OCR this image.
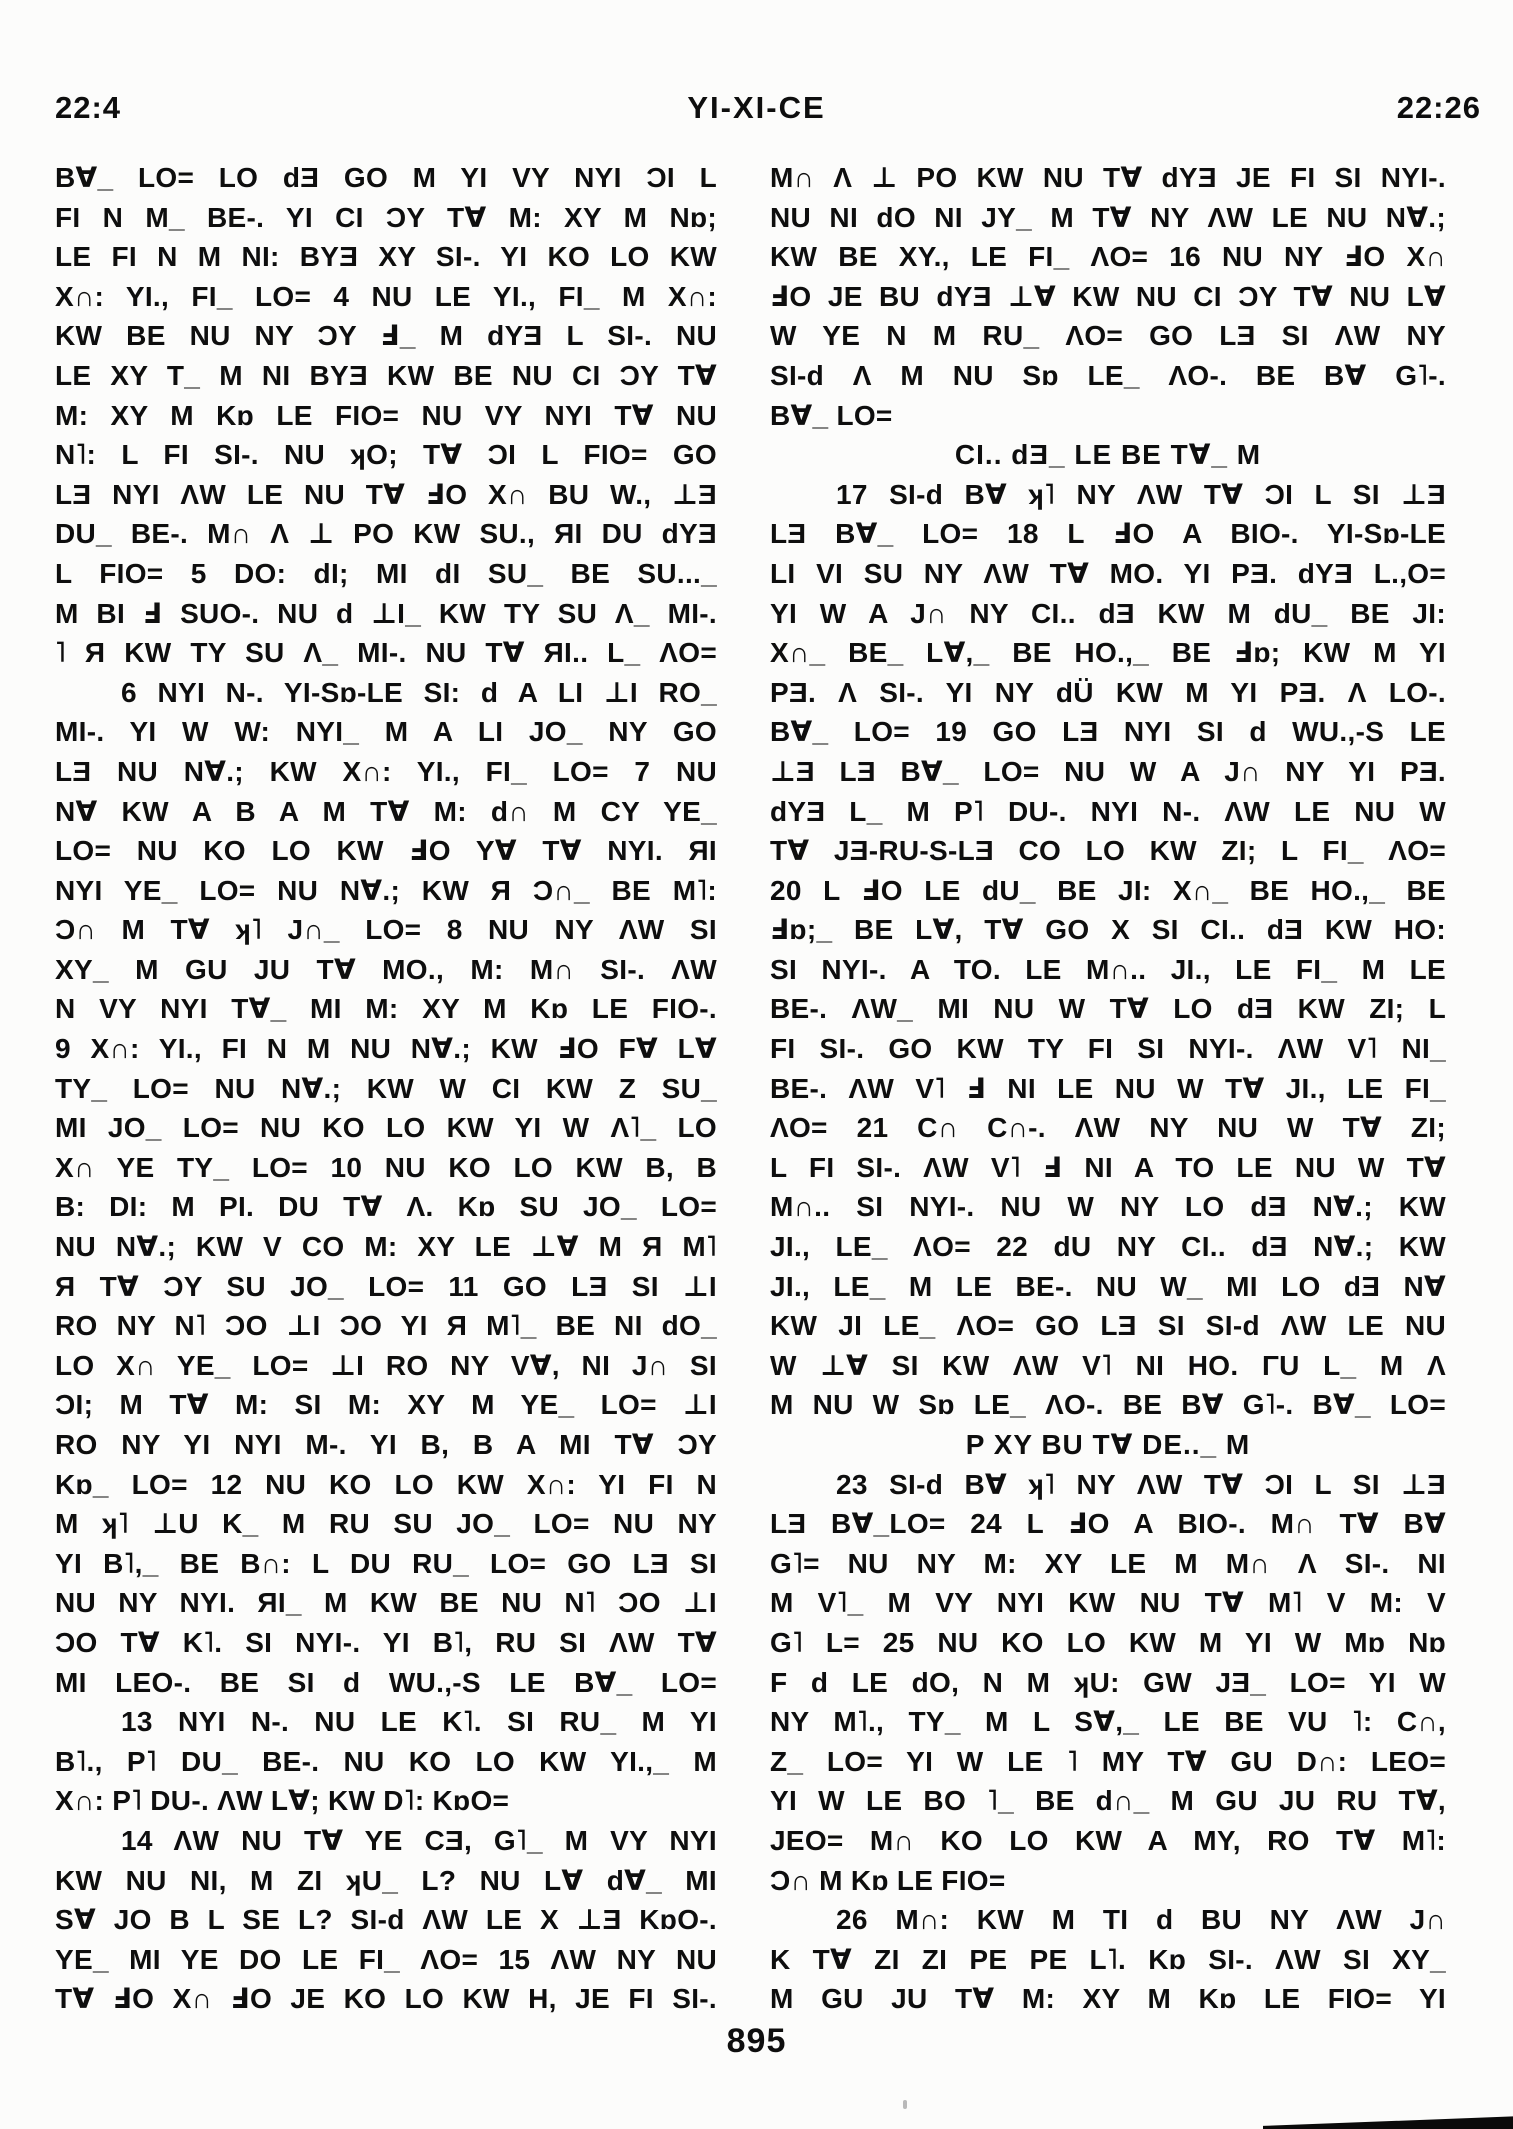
22:4	YI-XI-CE	22:26
B∀_ LO= LO dƎ GO M YI VY NYI ƆI L
FI N M_ BE-. YI CI ƆY T∀ M: XY M Nɒ;
LE FI N M NI: BYƎ XY SI-. YI KO LO KW
X∩: YI., FI_ LO= 4 NU LE YI., FI_ M X∩:
KW BE NU NY ƆY Ⅎ_ M dYƎ L SI-. NU
LE XY T_ M NI BYƎ KW BE NU CI ƆY T∀
M: XY M Kɒ LE FIO= NU VY NYI T∀ NU
N˥: L FI SI-. NU ʞO; T∀ ƆI L FIO= GO
LƎ NYI ΛW LE NU T∀ ℲO X∩ BU W., ⊥Ǝ
DU_ BE-. M∩ Λ ⊥ PO KW SU., ЯI DU dYƎ
L FIO= 5 DO: dI; MI dI SU_ BE SU..._
M BI Ⅎ SUO-. NU d ⊥I_ KW TY SU Λ_ MI-.
˥ Я KW TY SU Λ_ MI-. NU T∀ ЯI.. L_ ΛO=
6 NYI N-. YI-Sɒ-LE SI: d A LI ⊥I RO_
MI-. YI W W: NYI_ M A LI JO_ NY GO
LƎ NU N∀.; KW X∩: YI., FI_ LO= 7 NU
N∀ KW A B A M T∀ M: d∩ M CY YE_
LO= NU KO LO KW ℲO Y∀ T∀ NYI. ЯI
NYI YE_ LO= NU N∀.; KW Я Ɔ∩_ BE M˥:
Ɔ∩ M T∀ ʞ˥ J∩_ LO= 8 NU NY ΛW SI
XY_ M GU JU T∀ MO., M: M∩ SI-. ΛW
N VY NYI T∀_ MI M: XY M Kɒ LE FIO-.
9 X∩: YI., FI N M NU N∀.; KW ℲO F∀ L∀
TY_ LO= NU N∀.; KW W CI KW Z SU_
MI JO_ LO= NU KO LO KW YI W Λ˥_ LO
X∩ YE TY_ LO= 10 NU KO LO KW B, B
B: DI: M PI. DU T∀ Λ. Kɒ SU JO_ LO=
NU N∀.; KW V CO M: XY LE ⊥∀ M Я M˥
Я T∀ ƆY SU JO_ LO= 11 GO LƎ SI ⊥I
RO NY N˥ ƆO ⊥I ƆO YI Я M˥_ BE NI dO_
LO X∩ YE_ LO= ⊥I RO NY V∀, NI J∩ SI
ƆI; M T∀ M: SI M: XY M YE_ LO= ⊥I
RO NY YI NYI M-. YI B, B A MI T∀ ƆY
Kɒ_ LO= 12 NU KO LO KW X∩: YI FI N
M ʞ˥ ⊥U K_ M RU SU JO_ LO= NU NY
YI B˥,_ BE B∩: L DU RU_ LO= GO LƎ SI
NU NY NYI. ЯI_ M KW BE NU N˥ ƆO ⊥I
ƆO T∀ K˥. SI NYI-. YI B˥, RU SI ΛW T∀
MI LEO-. BE SI d WU.,-S LE B∀_ LO=
13 NYI N-. NU LE K˥. SI RU_ M YI
B˥., P˥ DU_ BE-. NU KO LO KW YI.,_ M
X∩: P˥ DU-. ΛW L∀; KW D˥: KɒO=
14 ΛW NU T∀ YE CƎ, G˥_ M VY NYI
KW NU NI, M ZI ʞU_ L? NU L∀ d∀_ MI
S∀ JO B L SE L? SI-d ΛW LE X ⊥Ǝ KɒO-.
YE_ MI YE DO LE FI_ ΛO= 15 ΛW NY NU
T∀ ℲO X∩ ℲO JE KO LO KW H, JE FI SI-.
M∩ Λ ⊥ PO KW NU T∀ dYƎ JE FI SI NYI-.
NU NI dO NI JY_ M T∀ NY ΛW LE NU N∀.;
KW BE XY., LE FI_ ΛO= 16 NU NY ℲO X∩
ℲO JE BU dYƎ ⊥∀ KW NU CI ƆY T∀ NU L∀
W YE N M RU_ ΛO= GO LƎ SI ΛW NY
SI-d Λ M NU Sɒ LE_ ΛO-. BE B∀ G˥-.
B∀_ LO=
CI.. dƎ_ LE BE T∀_ M
17 SI-d B∀ ʞ˥ NY ΛW T∀ ƆI L SI ⊥Ǝ
LƎ B∀_ LO= 18 L ℲO A BIO-. YI-Sɒ-LE
LI VI SU NY ΛW T∀ MO. YI PƎ. dYƎ L.,O=
YI W A J∩ NY CI.. dƎ KW M dU_ BE JI:
X∩_ BE_ L∀,_ BE HO.,_ BE Ⅎɒ; KW M YI
PƎ. Λ SI-. YI NY dÜ KW M YI PƎ. Λ LO-.
B∀_ LO= 19 GO LƎ NYI SI d WU.,-S LE
⊥Ǝ LƎ B∀_ LO= NU W A J∩ NY YI PƎ.
dYƎ L_ M P˥ DU-. NYI N-. ΛW LE NU W
T∀ JƎ-RU-S-LƎ CO LO KW ZI; L FI_ ΛO=
20 L ℲO LE dU_ BE JI: X∩_ BE HO.,_ BE
Ⅎɒ;_ BE L∀, T∀ GO X SI CI.. dƎ KW HO:
SI NYI-. A TO. LE M∩.. JI., LE FI_ M LE
BE-. ΛW_ MI NU W T∀ LO dƎ KW ZI; L
FI SI-. GO KW TY FI SI NYI-. ΛW V˥ NI_
BE-. ΛW V˥ Ⅎ NI LE NU W T∀ JI., LE FI_
ΛO= 21 C∩ C∩-. ΛW NY NU W T∀ ZI;
L FI SI-. ΛW V˥ Ⅎ NI A TO LE NU W T∀
M∩.. SI NYI-. NU W NY LO dƎ N∀.; KW
JI., LE_ ΛO= 22 dU NY CI.. dƎ N∀.; KW
JI., LE_ M LE BE-. NU W_ MI LO dƎ N∀
KW JI LE_ ΛO= GO LƎ SI SI-d ΛW LE NU
W ⊥∀ SI KW ΛW V˥ NI HO. ΓU L_ M Λ
M NU W Sɒ LE_ ΛO-. BE B∀ G˥-. B∀_ LO=
P XY BU T∀ DE.._ M
23 SI-d B∀ ʞ˥ NY ΛW T∀ ƆI L SI ⊥Ǝ
LƎ B∀_LO= 24 L ℲO A BIO-. M∩ T∀ B∀
G˥= NU NY M: XY LE M M∩ Λ SI-. NI
M V˥_ M VY NYI KW NU T∀ M˥ V M: V
G˥ L= 25 NU KO LO KW M YI W Mɒ Nɒ
F d LE dO, N M ʞU: GW JƎ_ LO= YI W
NY M˥., TY_ M L S∀,_ LE BE VU ˥: C∩,
Z_ LO= YI W LE ˥ MY T∀ GU D∩: LEO=
YI W LE BO ˥_ BE d∩_ M GU JU RU T∀,
JEO= M∩ KO LO KW A MY, RO T∀ M˥:
Ɔ∩ M Kɒ LE FIO=
26 M∩: KW M TI d BU NY ΛW J∩
K T∀ ZI ZI PE PE L˥. Kɒ SI-. ΛW SI XY_
M GU JU T∀ M: XY M Kɒ LE FIO= YI
895
